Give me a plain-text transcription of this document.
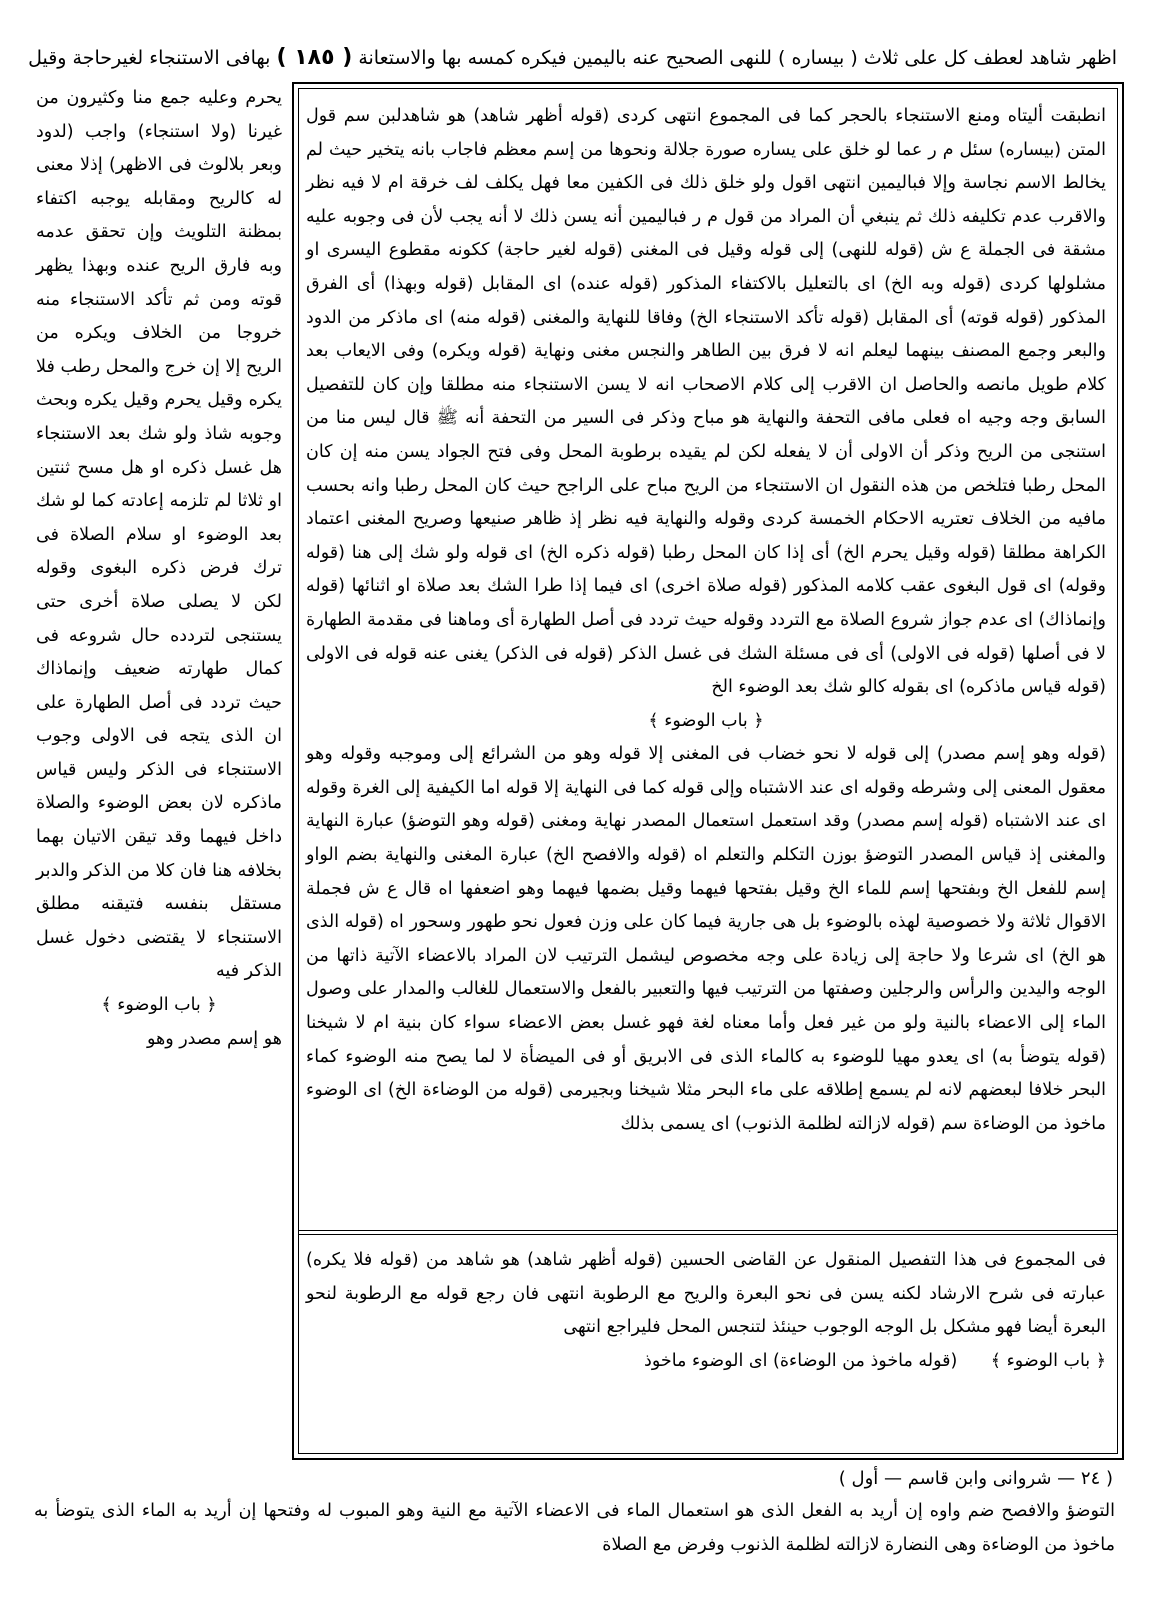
اظهر شاهد لعطف كل على ثلاث ( بيساره ) للنهى الصحيح عنه باليمين فيكره كمسه بها والاستعانة ( ١٨٥ ) بهافى الاستنجاء لغيرحاجة وقيل

انطبقت أليتاه ومنع الاستنجاء بالحجر كما فى المجموع انتهى كردى (قوله أظهر شاهد) هو شاهدلبن سم قول المتن (بيساره) سئل م ر عما لو خلق على يساره صورة جلالة ونحوها من إسم معظم فاجاب بانه يتخير حيث لم يخالط الاسم نجاسة وإلا فباليمين انتهى اقول ولو خلق ذلك فى الكفين معا فهل يكلف لف خرقة ام لا فيه نظر والاقرب عدم تكليفه ذلك ثم ينبغي أن المراد من قول م ر فباليمين أنه يسن ذلك لا أنه يجب لأن فى وجوبه عليه مشقة فى الجملة ع ش (قوله للنهى) إلى قوله وقيل فى المغنى (قوله لغير حاجة) ككونه مقطوع اليسرى او مشلولها كردى (قوله وبه الخ) اى بالتعليل بالاكتفاء المذكور (قوله عنده) اى المقابل (قوله وبهذا) أى الفرق المذكور (قوله قوته) أى المقابل (قوله تأكد الاستنجاء الخ) وفاقا للنهاية والمغنى (قوله منه) اى ماذكر من الدود والبعر وجمع المصنف بينهما ليعلم انه لا فرق بين الطاهر والنجس مغنى ونهاية (قوله ويكره) وفى الايعاب بعد كلام طويل مانصه والحاصل ان الاقرب إلى كلام الاصحاب انه لا يسن الاستنجاء منه مطلقا وإن كان للتفصيل السابق وجه وجيه اه فعلى مافى التحفة والنهاية هو مباح وذكر فى السير من التحفة أنه ﷺ قال ليس منا من استنجى من الريح وذكر أن الاولى أن لا يفعله لكن لم يقيده برطوبة المحل وفى فتح الجواد يسن منه إن كان المحل رطبا فتلخص من هذه النقول ان الاستنجاء من الريح مباح على الراجح حيث كان المحل رطبا وانه بحسب مافيه من الخلاف تعتريه الاحكام الخمسة كردى وقوله والنهاية فيه نظر إذ ظاهر صنيعها وصريح المغنى اعتماد الكراهة مطلقا (قوله وقيل يحرم الخ) أى إذا كان المحل رطبا (قوله ذكره الخ) اى قوله ولو شك إلى هنا (قوله وقوله) اى قول البغوى عقب كلامه المذكور (قوله صلاة اخرى) اى فيما إذا طرا الشك بعد صلاة او اثنائها (قوله وإنماذاك) اى عدم جواز شروع الصلاة مع التردد وقوله حيث تردد فى أصل الطهارة أى وماهنا فى مقدمة الطهارة لا فى أصلها (قوله فى الاولى) أى فى مسئلة الشك فى غسل الذكر (قوله فى الذكر) يغنى عنه قوله فى الاولى (قوله قياس ماذكره) اى بقوله كالو شك بعد الوضوء الخ

﴿ باب الوضوء ﴾

(قوله وهو إسم مصدر) إلى قوله لا نحو خضاب فى المغنى إلا قوله وهو من الشرائع إلى وموجبه وقوله وهو معقول المعنى إلى وشرطه وقوله اى عند الاشتباه وإلى قوله كما فى النهاية إلا قوله اما الكيفية إلى الغرة وقوله اى عند الاشتباه (قوله إسم مصدر) وقد استعمل استعمال المصدر نهاية ومغنى (قوله وهو التوضؤ) عبارة النهاية والمغنى إذ قياس المصدر التوضؤ بوزن التكلم والتعلم اه (قوله والافصح الخ) عبارة المغنى والنهاية بضم الواو إسم للفعل الخ وبفتحها إسم للماء الخ وقيل بفتحها فيهما وقيل بضمها فيهما وهو اضعفها اه قال ع ش فجملة الاقوال ثلاثة ولا خصوصية لهذه بالوضوء بل هى جارية فيما كان على وزن فعول نحو طهور وسحور اه (قوله الذى هو الخ) اى شرعا ولا حاجة إلى زيادة على وجه مخصوص ليشمل الترتيب لان المراد بالاعضاء الآتية ذاتها من الوجه واليدين والرأس والرجلين وصفتها من الترتيب فيها والتعبير بالفعل والاستعمال للغالب والمدار على وصول الماء إلى الاعضاء بالنية ولو من غير فعل وأما معناه لغة فهو غسل بعض الاعضاء سواء كان بنية ام لا شيخنا (قوله يتوضأ به) اى يعدو مهيا للوضوء به كالماء الذى فى الابريق أو فى الميضأة لا لما يصح منه الوضوء كماء البحر خلافا لبعضهم لانه لم يسمع إطلاقه على ماء البحر مثلا شيخنا وبجيرمى (قوله من الوضاءة الخ) اى الوضوء ماخوذ من الوضاءة سم (قوله لازالته لظلمة الذنوب) اى يسمى بذلك

فى المجموع فى هذا التفصيل المنقول عن القاضى الحسين (قوله أظهر شاهد) هو شاهد من (قوله فلا يكره) عبارته فى شرح الارشاد لكنه يسن فى نحو البعرة والريح مع الرطوبة انتهى فان رجع قوله مع الرطوبة لنحو البعرة أيضا فهو مشكل بل الوجه الوجوب حينئذ لتنجس المحل فليراجع انتهى

﴿ باب الوضوء ﴾      (قوله ماخوذ من الوضاءة) اى الوضوء ماخوذ

يحرم وعليه جمع منا وكثيرون من غيرنا (ولا استنجاء) واجب (لدود وبعر بلالوث فى الاظهر) إذلا معنى له كالريح ومقابله يوجبه اكتفاء بمظنة التلويث وإن تحقق عدمه وبه فارق الريح عنده وبهذا يظهر قوته ومن ثم تأكد الاستنجاء منه خروجا من الخلاف ويكره من الريح إلا إن خرج والمحل رطب فلا يكره وقيل يحرم وقيل يكره وبحث وجوبه شاذ ولو شك بعد الاستنجاء هل غسل ذكره او هل مسح ثنتين او ثلاثا لم تلزمه إعادته كما لو شك بعد الوضوء او سلام الصلاة فى ترك فرض ذكره البغوى وقوله لكن لا يصلى صلاة أخرى حتى يستنجى لتردده حال شروعه فى كمال طهارته ضعيف وإنماذاك حيث تردد فى أصل الطهارة على ان الذى يتجه فى الاولى وجوب الاستنجاء فى الذكر وليس قياس ماذكره لان بعض الوضوء والصلاة داخل فيهما وقد تيقن الاتيان بهما بخلافه هنا فان كلا من الذكر والدبر مستقل بنفسه فتيقنه مطلق الاستنجاء لا يقتضى دخول غسل الذكر فيه

﴿ باب الوضوء ﴾

هو إسم مصدر وهو

( ٢٤ — شروانى وابن قاسم — أول )
التوضؤ والافصح ضم واوه إن أريد به الفعل الذى هو استعمال الماء فى الاعضاء الآتية مع النية وهو المبوب له وفتحها إن أريد به الماء الذى يتوضأ به ماخوذ من الوضاءة وهى النضارة لازالته لظلمة الذنوب وفرض مع الصلاة
